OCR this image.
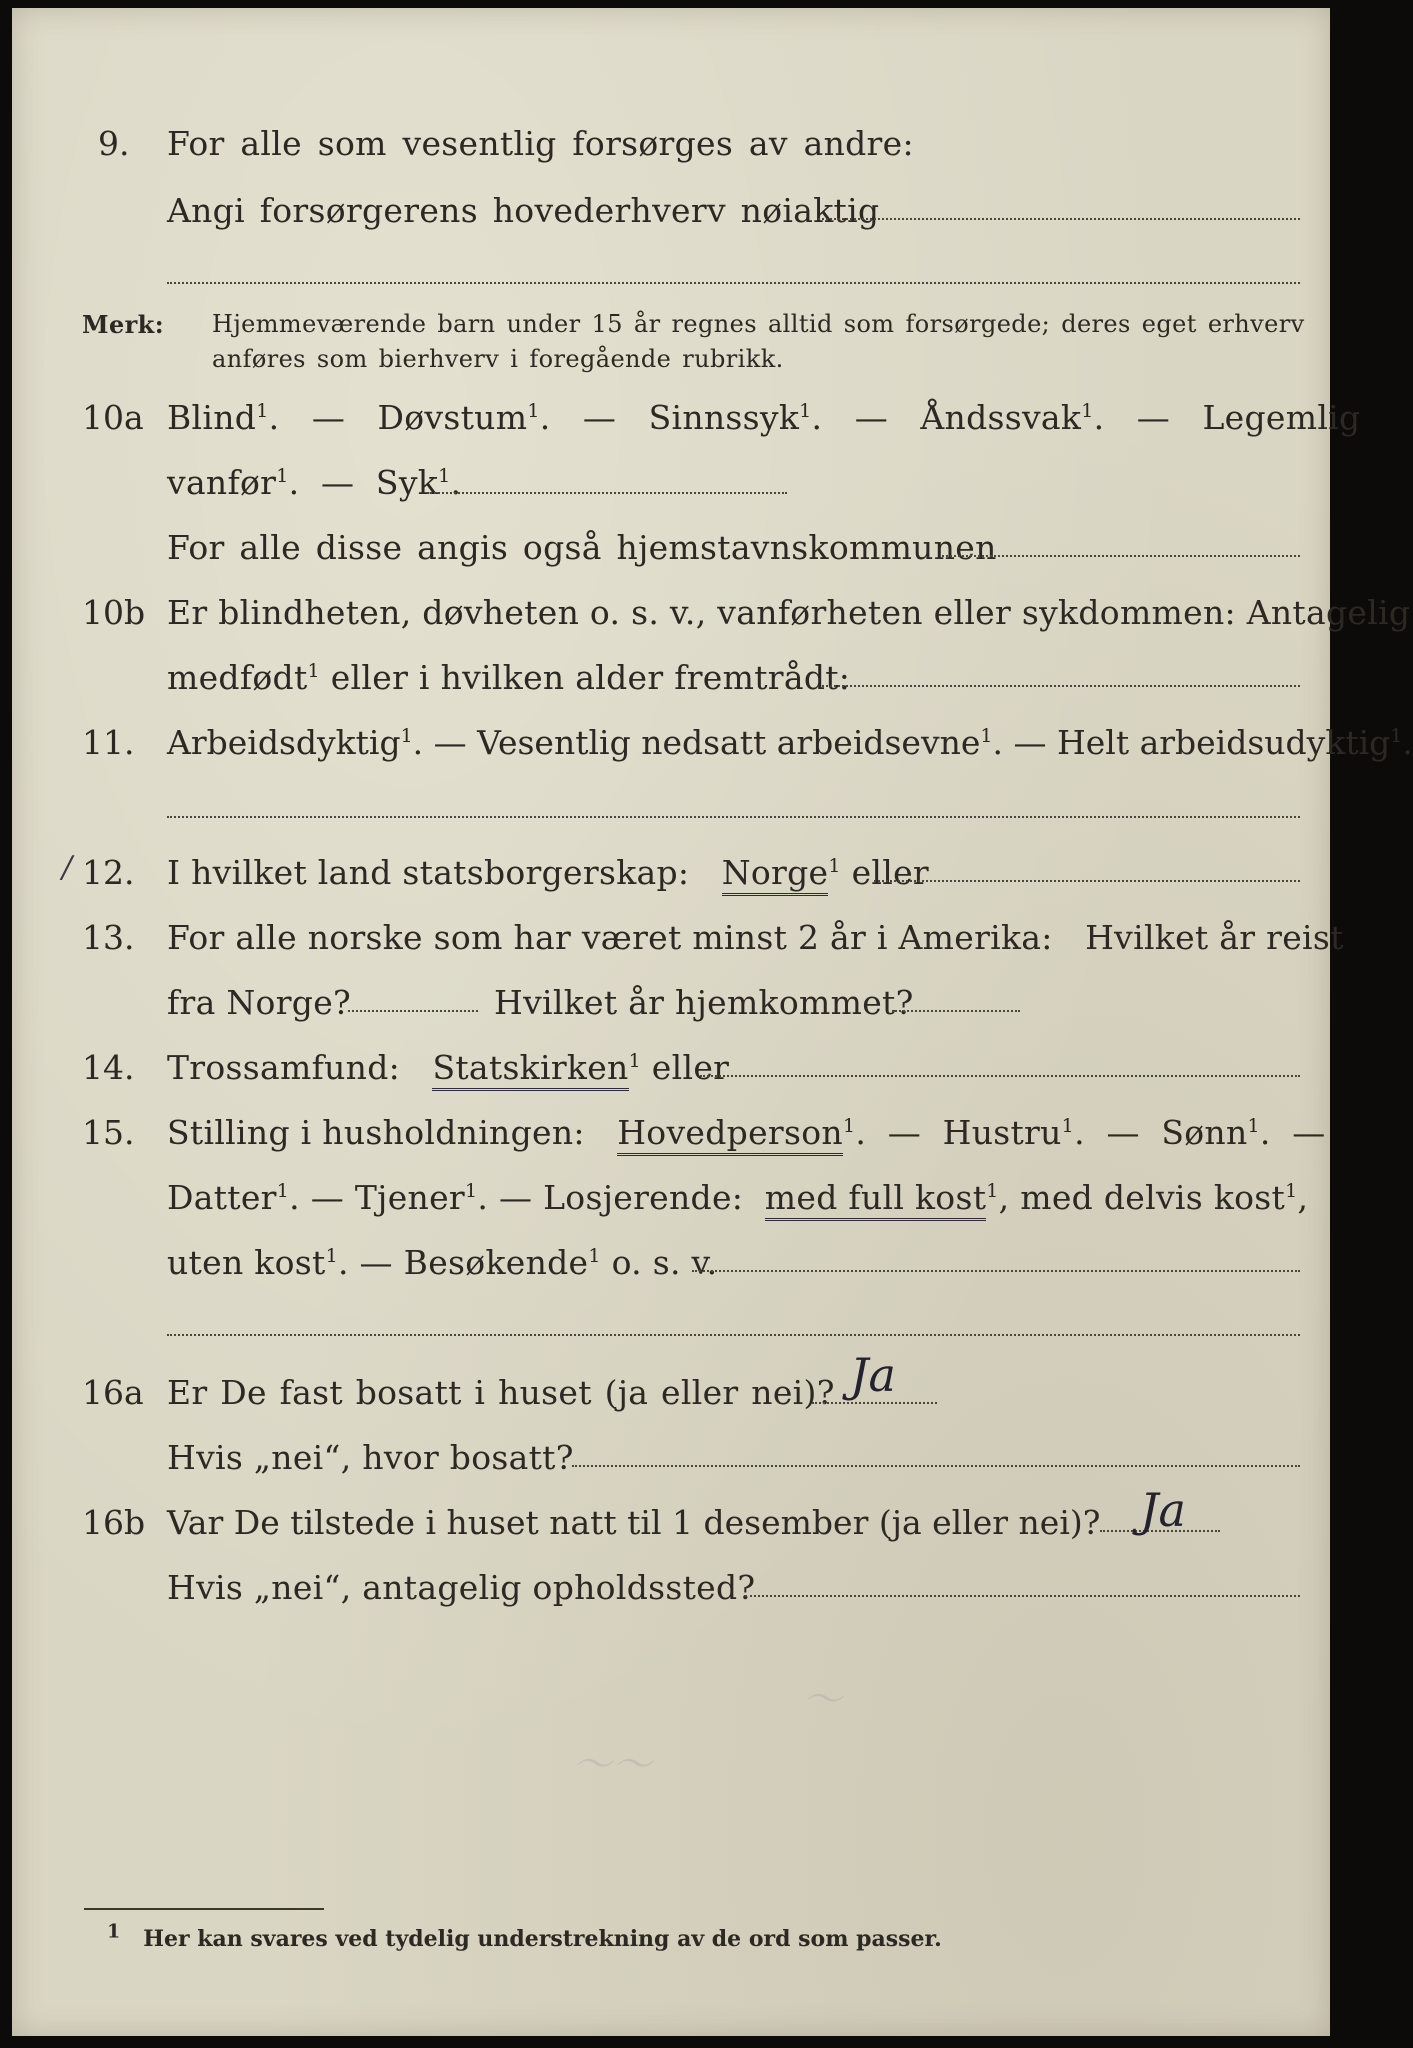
9. For alle som vesentlig forsørges av andre:
Angi forsørgerens hovederhverv nøiaktig
Merk: Hjemmeværende barn under 15 år regnes alltid som forsørgede; deres eget erhverv
anføres som bierhverv i foregående rubrikk.
10a Blind$^1$.   — Døvstum$^1$.   — Sinnssyk$^1$.   — Åndssvak$^1$.   — Legemlig
vanfør$^1$.  — Syk$^1$.
For alle disse angis også hjemstavnskommunen
10b Er blindheten, døvheten o. s. v., vanførheten eller sykdommen: Antagelig
medfødt$^1$ eller i hvilken alder fremtrådt:
11. Arbeidsdyktig$^1$. — Vesentlig nedsatt arbeidsevne$^1$. — Helt arbeidsudyktig$^1$.
/ 12. I hvilket land statsborgerskap: Norge$^1$ eller
13. For alle norske som har været minst 2 år i Amerika: Hvilket år reist
fra Norge?	Hvilket år hjemkommet?
14. Trossamfund: Statskirken$^1$ eller
15. Stilling i husholdningen: Hovedperson$^1$.  — Hustru$^1$.  — Sønn$^1$.  —
Datter$^1$. — Tjener$^1$. — Losjerende: med full kost$^1$, med delvis kost$^1$,
uten kost$^1$. — Besøkende$^1$ o. s. v.
16a Er De fast bosatt i huset (ja eller nei)? Ja
Hvis „nei“, hvor bosatt?
16b Var De tilstede i huset natt til 1 desember (ja eller nei)? Ja
Hvis „nei“, antagelig opholdssted?
〜
〜〜
1 Her kan svares ved tydelig understrekning av de ord som passer.
